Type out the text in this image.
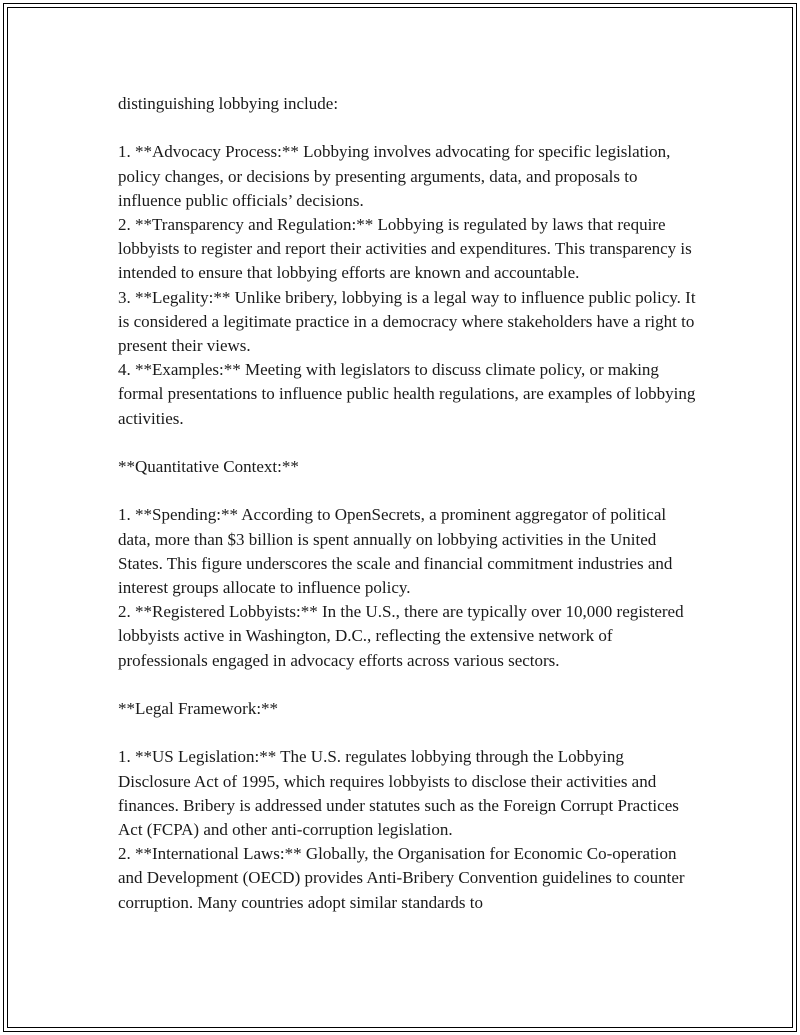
distinguishing lobbying include:

1. **Advocacy Process:** Lobbying involves advocating for specific legislation, policy changes, or decisions by presenting arguments, data, and proposals to influence public officials’ decisions.

2. **Transparency and Regulation:** Lobbying is regulated by laws that require lobbyists to register and report their activities and expenditures. This transparency is intended to ensure that lobbying efforts are known and accountable.

3. **Legality:** Unlike bribery, lobbying is a legal way to influence public policy. It is considered a legitimate practice in a democracy where stakeholders have a right to present their views.

4. **Examples:** Meeting with legislators to discuss climate policy, or making formal presentations to influence public health regulations, are examples of lobbying activities.

**Quantitative Context:**

1. **Spending:** According to OpenSecrets, a prominent aggregator of political data, more than $3 billion is spent annually on lobbying activities in the United States. This figure underscores the scale and financial commitment industries and interest groups allocate to influence policy.

2. **Registered Lobbyists:** In the U.S., there are typically over 10,000 registered lobbyists active in Washington, D.C., reflecting the extensive network of professionals engaged in advocacy efforts across various sectors.

**Legal Framework:**

1. **US Legislation:** The U.S. regulates lobbying through the Lobbying Disclosure Act of 1995, which requires lobbyists to disclose their activities and finances. Bribery is addressed under statutes such as the Foreign Corrupt Practices Act (FCPA) and other anti-corruption legislation.

2. **International Laws:** Globally, the Organisation for Economic Co-operation and Development (OECD) provides Anti-Bribery Convention guidelines to counter corruption. Many countries adopt similar standards to
